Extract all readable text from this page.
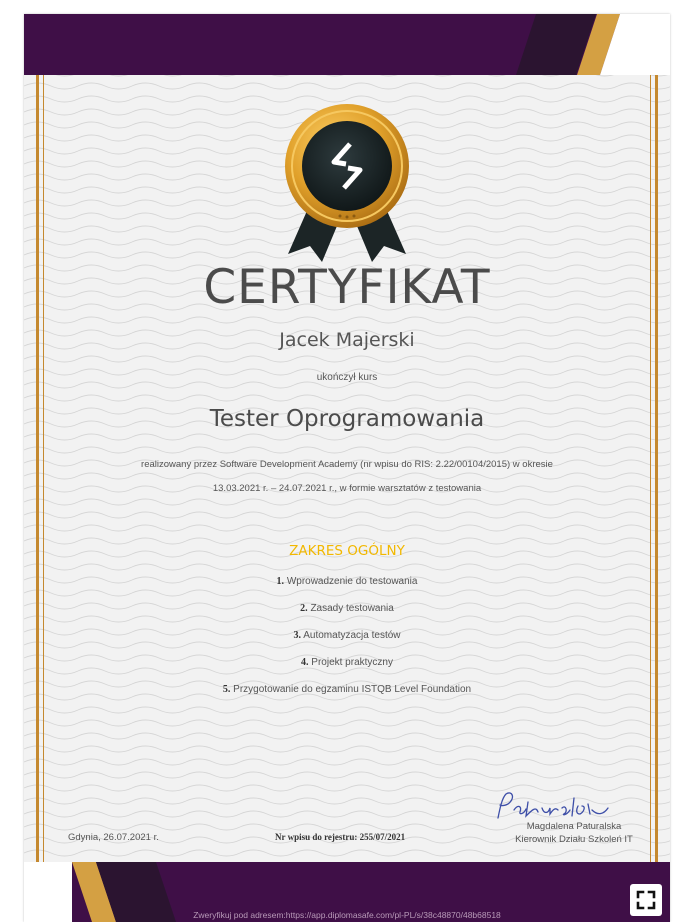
CERTYFIKAT
Jacek Majerski
ukończył kurs
Tester Oprogramowania
realizowany przez Software Development Academy (nr wpisu do RIS: 2.22/00104/2015) w okresie
13.03.2021 r. – 24.07.2021 r., w formie warsztatów z testowania
ZAKRES OGÓLNY
1. Wprowadzenie do testowania
2. Zasady testowania
3. Automatyzacja testów
4. Projekt praktyczny
5. Przygotowanie do egzaminu ISTQB Level Foundation
Gdynia, 26.07.2021 r.	Nr wpisu do rejestru: 255/07/2021
Magdalena Paturalska
Kierownik Działu Szkoleń IT
Zweryfikuj pod adresem:https://app.diplomasafe.com/pl-PL/s/38c48870/48b68518
